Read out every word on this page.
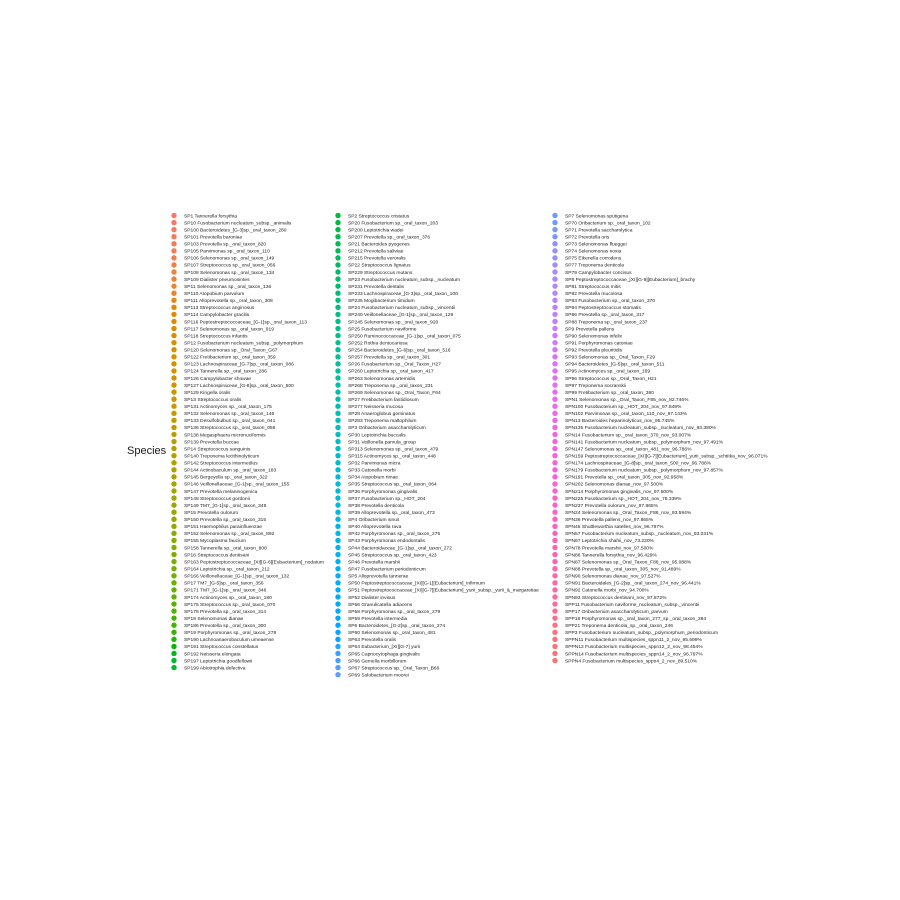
Species
SP1 Tannerella forsythia
SP10 Fusobacterium nucleatum_subsp._animalis
SP100 Bacteroidetes_[G-3]sp._oral_taxon_280
SP101 Prevotella baroniae
SP103 Prevotella sp._oral_taxon_820
SP105 Parvimonas sp._oral_taxon_110
SP106 Selenomonas sp._oral_taxon_149
SP107 Streptococcus sp._oral_taxon_056
SP108 Selenomonas sp._oral_taxon_134
SP109 Dialister pneumosintes
SP11 Selenomonas sp._oral_taxon_136
SP110 Atopobium parvulum
SP111 Alloprevotella sp._oral_taxon_308
SP113 Streptococcus anginosus
SP114 Campylobacter gracilis
SP116 Peptostreptococcaceae_[G-1]sp._oral_taxon_113
SP117 Selenomonas sp._oral_taxon_919
SP118 Streptococcus infantis
SP12 Fusobacterium nucleatum_subsp._polymorphum
SP120 Selenomonas sp._Oral_Taxon_G67
SP122 Fretibacterium sp._oral_taxon_359
SP123 Lachnospiraceae_[G-7]sp._oral_taxon_086
SP124 Tannerella sp._oral_taxon_286
SP126 Campylobacter showae
SP127 Lachnospiraceae_[G-8]sp._oral_taxon_500
SP129 Kingella oralis
SP13 Streptococcus oralis
SP131 Actinomyces sp._oral_taxon_175
SP132 Selenomonas sp._oral_taxon_146
SP133 Desulfobulbus sp._oral_taxon_041
SP136 Streptococcus sp._oral_taxon_058
SP138 Megasphaera micronuciformis
SP139 Prevotella buccae
SP14 Streptococcus sanguinis
SP140 Treponema lecithinolyticum
SP142 Streptococcus intermedius
SP144 Actinobaculum sp._oral_taxon_183
SP145 Bergeyella sp._oral_taxon_322
SP146 Veillonellaceae_[G-1]sp._oral_taxon_155
SP147 Prevotella melaninogenica
SP148 Streptococcus gordonii
SP149 TM7_[G-1]sp._oral_taxon_349
SP15 Prevotella oulorum
SP150 Prevotella sp._oral_taxon_315
SP151 Haemophilus parainfluenzae
SP152 Selenomonas sp._oral_taxon_892
SP155 Mycoplasma faucium
SP158 Tannerella sp._oral_taxon_808
SP16 Streptococcus dentisani
SP163 Peptostreptococcaceae_[XI][G-6][Eubacterium]_nodatum
SP164 Leptotrichia sp._oral_taxon_212
SP166 Veillonellaceae_[G-1]sp._oral_taxon_132
SP17 TM7_[G-5]sp._oral_taxon_356
SP171 TM7_[G-1]sp._oral_taxon_346
SP174 Actinomyces sp._oral_taxon_180
SP175 Streptococcus sp._oral_taxon_070
SP178 Prevotella sp._oral_taxon_314
SP18 Selenomonas dianae
SP186 Prevotella sp._oral_taxon_300
SP19 Porphyromonas sp._oral_taxon_278
SP190 Lachnoanaerobaculum umeaense
SP191 Streptococcus constellatus
SP192 Neisseria elongata
SP197 Leptotrichia goodfellowii
SP199 Abiotrophia defectiva
SP2 Streptococcus cristatus
SP20 Fusobacterium sp._oral_taxon_203
SP200 Leptotrichia wadei
SP207 Prevotella sp._oral_taxon_376
SP21 Bacteroides pyogenes
SP212 Prevotella saliviae
SP215 Prevotella veroralis
SP22 Streptococcus lignatus
SP229 Streptococcus mutans
SP23 Fusobacterium nucleatum_subsp._nucleatum
SP231 Prevotella dentalis
SP233 Lachnospiraceae_[G-3]sp._oral_taxon_100
SP235 Mogibacterium timidum
SP24 Fusobacterium nucleatum_subsp._vincentii
SP240 Veillonellaceae_[G-1]sp._oral_taxon_129
SP245 Selenomonas sp._oral_taxon_920
SP25 Fusobacterium naviforme
SP250 Ruminococcaceae_[G-1]sp._oral_taxon_075
SP252 Rothia dentocariosa
SP254 Bacteroidetes_[G-6]sp._oral_taxon_516
SP257 Prevotella sp._oral_taxon_301
SP26 Fusobacterium sp._Oral_Taxon_H27
SP260 Leptotrichia sp._oral_taxon_417
SP263 Selenomonas artemidis
SP268 Treponema sp._oral_taxon_231
SP269 Selenomonas sp._Oral_Taxon_F64
SP27 Fretibacterium fastidiosum
SP277 Neisseria mucosa
SP28 Anaeroglobus geminatus
SP283 Treponema maltophilum
SP3 Oribacterium asaccharolyticum
SP30 Leptotrichia buccalis
SP31 Veillonella parvula_group
SP313 Selenomonas sp._oral_taxon_479
SP315 Actinomyces sp._oral_taxon_448
SP32 Parvimonas micra
SP33 Catonella morbi
SP34 Atopobium rimae
SP35 Streptococcus sp._oral_taxon_064
SP36 Porphyromonas gingivalis
SP37 Fusobacterium sp._HOT_204
SP38 Prevotella denticola
SP39 Alloprevotella sp._oral_taxon_473
SP4 Oribacterium sinus
SP40 Alloprevotella rava
SP42 Porphyromonas sp._oral_taxon_275
SP43 Porphyromonas endodontalis
SP44 Bacteroidaceae_[G-1]sp._oral_taxon_272
SP45 Streptococcus sp._oral_taxon_423
SP46 Prevotella marshii
SP47 Fusobacterium periodonticum
SP5 Alloprevotella tannerae
SP50 Peptostreptococcaceae_[XI][G-1][Eubacterium]_infirmum
SP51 Peptostreptococcaceae_[XI][G-7][Eubacterium]_yurii_subsp._yurii_&_margaretiae
SP52 Dialister invisus
SP56 Granulicatella adiacens
SP58 Porphyromonas sp._oral_taxon_279
SP59 Prevotella intermedia
SP6 Bacteroidetes_[G-2]sp._oral_taxon_274
SP60 Selenomonas sp._oral_taxon_481
SP63 Prevotella oralis
SP64 Eubacterium_[XI][G-7] yurii
SP65 Capnocytophaga gingivalis
SP66 Gemella morbillorum
SP67 Streptococcus sp._Oral_Taxon_B66
SP69 Solobacterium moorei
SP7 Selenomonas sputigena
SP70 Oribacterium sp._oral_taxon_102
SP71 Prevotella saccharolytica
SP72 Prevotella oris
SP73 Selenomonas flueggei
SP74 Selenomonas noxia
SP75 Eikenella corrodens
SP77 Treponema denticola
SP79 Campylobacter concisus
SP8 Peptostreptococcaceae_[XI][G-9][Eubacterium]_brachy
SP81 Streptococcus mitis
SP82 Prevotella mucolosa
SP83 Fusobacterium sp._oral_taxon_370
SP84 Peptostreptococcus stomatis
SP86 Prevotella sp._oral_taxon_317
SP88 Treponema sp._oral_taxon_237
SP9 Prevotella pallens
SP90 Selenomonas infelix
SP91 Porphyromonas catoniae
SP92 Prevotella pleuritidis
SP93 Selenomonas sp._Oral_Taxon_F29
SP94 Bacteroidetes_[G-5]sp._oral_taxon_511
SP95 Actinomyces sp._oral_taxon_169
SP96 Streptococcus sp._Oral_Taxon_H21
SP97 Treponema socranskii
SP99 Fretibacterium sp._oral_taxon_360
SPN1 Selenomonas sp._Oral_Taxon_F85_nov_82.746%
SPN100 Fusobacterium sp._HOT_204_nov_97.849%
SPN102 Parvimonas sp._oral_taxon_110_nov_97.143%
SPN13 Bacteroides heparinolyticus_nov_95.745%
SPN135 Fusobacterium nucleatum_subsp._nucleatum_nov_93.380%
SPN14 Fusobacterium sp._oral_taxon_370_nov_93.007%
SPN141 Fusobacterium nucleatum_subsp._polymorphum_nov_97.491%
SPN147 Selenomonas sp._oral_taxon_481_nov_96.786%
SPN159 Peptostreptococcaceae_[XI][G-7][Eubacterium]_yurii_subsp._schtitka_nov_96.071%
SPN174 Lachnospiraceae_[G-8]sp._oral_taxon_500_nov_96.786%
SPN179 Fusobacterium nucleatum_subsp._polymorphum_nov_97.857%
SPN191 Prevotella sp._oral_taxon_305_nov_92.958%
SPN202 Selenomonas dianae_nov_97.500%
SPN214 Porphyromonas gingivalis_nov_97.500%
SPN225 Fusobacterium sp._HOT_204_nov_78.339%
SPN237 Prevotella oulorum_nov_97.865%
SPN24 Selenomonas sp._Oral_Taxon_F86_nov_93.594%
SPN36 Prevotella pallens_nov_97.865%
SPN45 Shuttleworthia satelles_nov_96.797%
SPN57 Fusobacterium nucleatum_subsp._nucleatum_nov_93.031%
SPN67 Leptotrichia shahii_nov_73.220%
SPN78 Prevotella marshii_nov_97.500%
SPN86 Tannerella forsythia_nov_96.429%
SPN87 Selenomonas sp._Oral_Taxon_F86_nov_95.088%
SPN88 Prevotella sp._oral_taxon_305_nov_91.489%
SPN90 Selenomonas dianae_nov_97.527%
SPN91 Bacteroidales_[G-2]sp._oral_taxon_274_nov_96.441%
SPN92 Catonella morbi_nov_94.700%
SPN93 Streptococcus dentisani_nov_97.872%
SPP11 Fusobacterium naviforme_nucleatum_subsp._vincentii
SPP17 Oribacterium asaccharolyticum_parvum
SPP18 Porphyromonas sp._oral_taxon_277_sp._oral_taxon_284
SPP21 Treponema denticola_sp._oral_taxon_246
SPP3 Fusobacterium nucleatum_subsp._polymorphum_periodonticum
SPPN11 Fusobacterium multispecies_sppn11_2_nov_95.699%
SPPN12 Fusobacterium multispecies_sppn12_2_nov_98.454%
SPPN14 Fusobacterium multispecies_sppn14_2_nov_96.797%
SPPN4 Fusobacterium multispecies_sppn4_2_nov_89.510%
